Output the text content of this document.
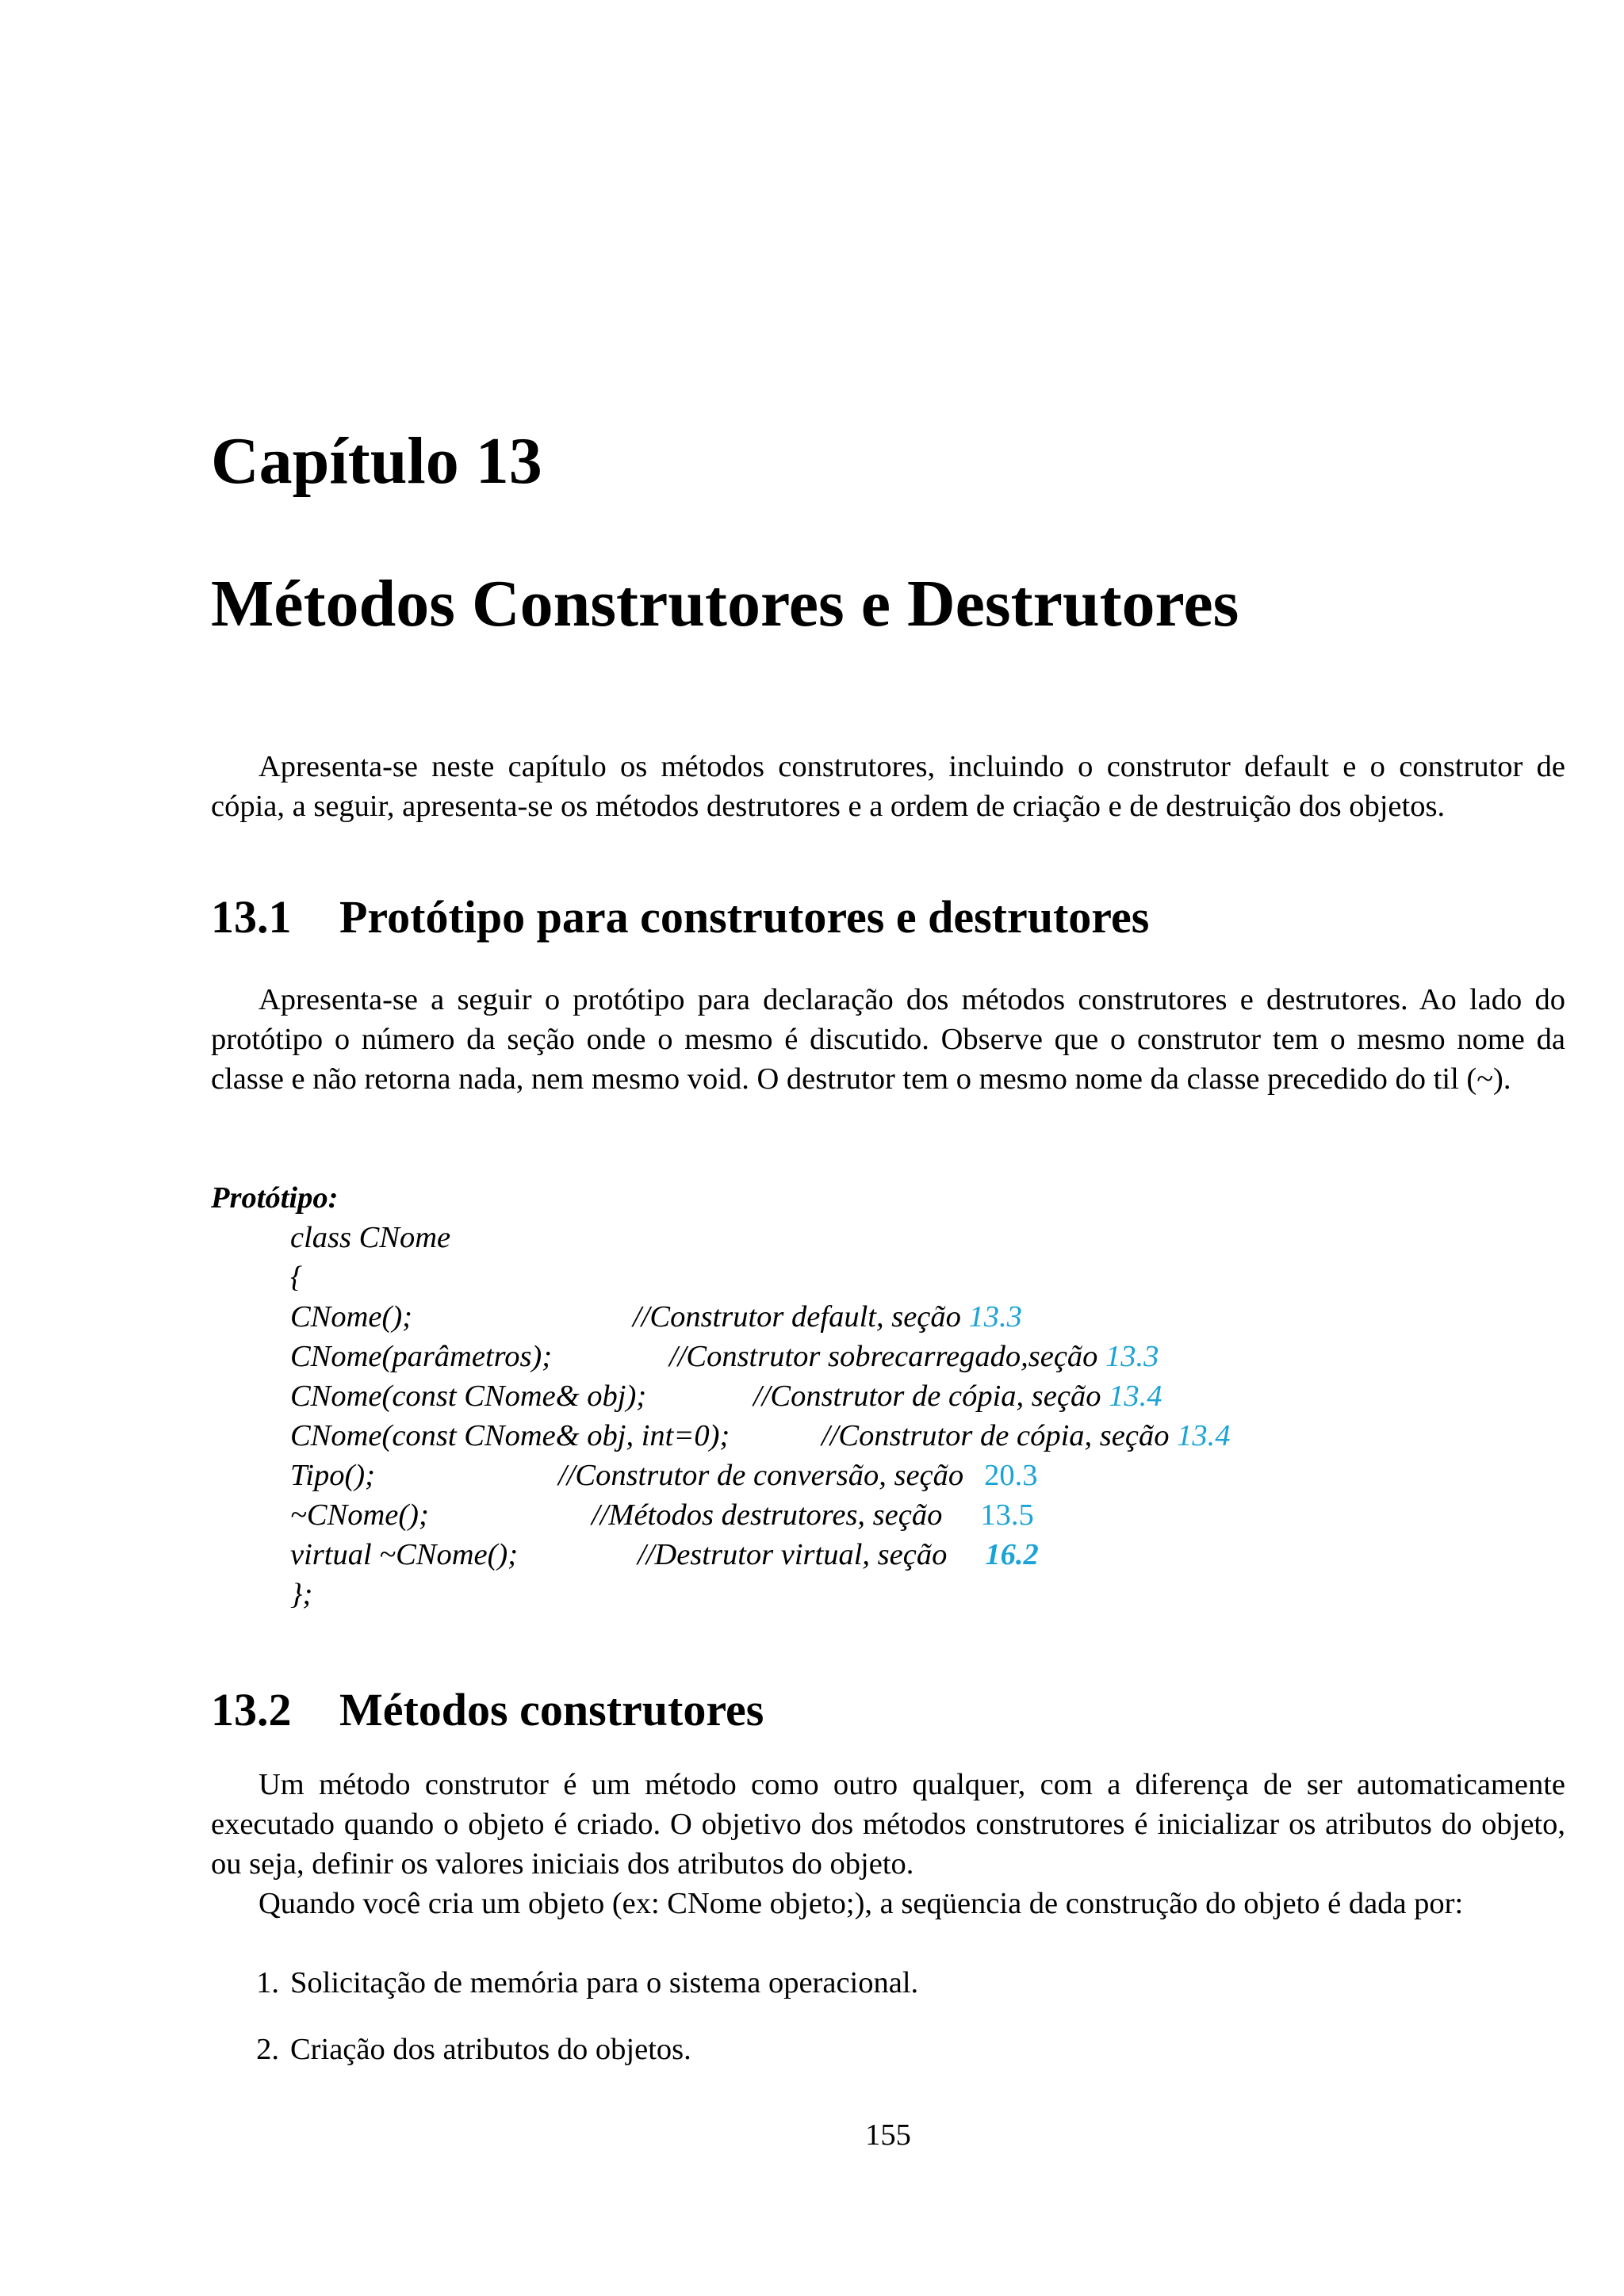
Capítulo 13
Métodos Construtores e Destrutores
Apresenta-se neste capítulo os métodos construtores, incluindo o construtor default e o construtor de cópia, a seguir, apresenta-se os métodos destrutores e a ordem de criação e de destruição dos objetos.
13.1 Protótipo para construtores e destrutores
Apresenta-se a seguir o protótipo para declaração dos métodos construtores e destrutores. Ao lado do protótipo o número da seção onde o mesmo é discutido. Observe que o construtor tem o mesmo nome da classe e não retorna nada, nem mesmo void. O destrutor tem o mesmo nome da classe precedido do til (~).
Protótipo:
class CNome
{
CNome();	//Construtor default, seção 13.3
CNome(parâmetros);	//Construtor sobrecarregado,seção 13.3
CNome(const CNome& obj);	//Construtor de cópia, seção 13.4
CNome(const CNome& obj, int=0);	//Construtor de cópia, seção 13.4
Tipo();	//Construtor de conversão, seção 20.3
~CNome();	//Métodos destrutores, seção 13.5
virtual ~CNome();	//Destrutor virtual, seção 16.2
};
13.2 Métodos construtores
Um método construtor é um método como outro qualquer, com a diferença de ser automaticamente executado quando o objeto é criado. O objetivo dos métodos construtores é inicializar os atributos do objeto, ou seja, definir os valores iniciais dos atributos do objeto.
Quando você cria um objeto (ex: CNome objeto;), a seqüencia de construção do objeto é dada por:
1. Solicitação de memória para o sistema operacional.
2. Criação dos atributos do objetos.
155
